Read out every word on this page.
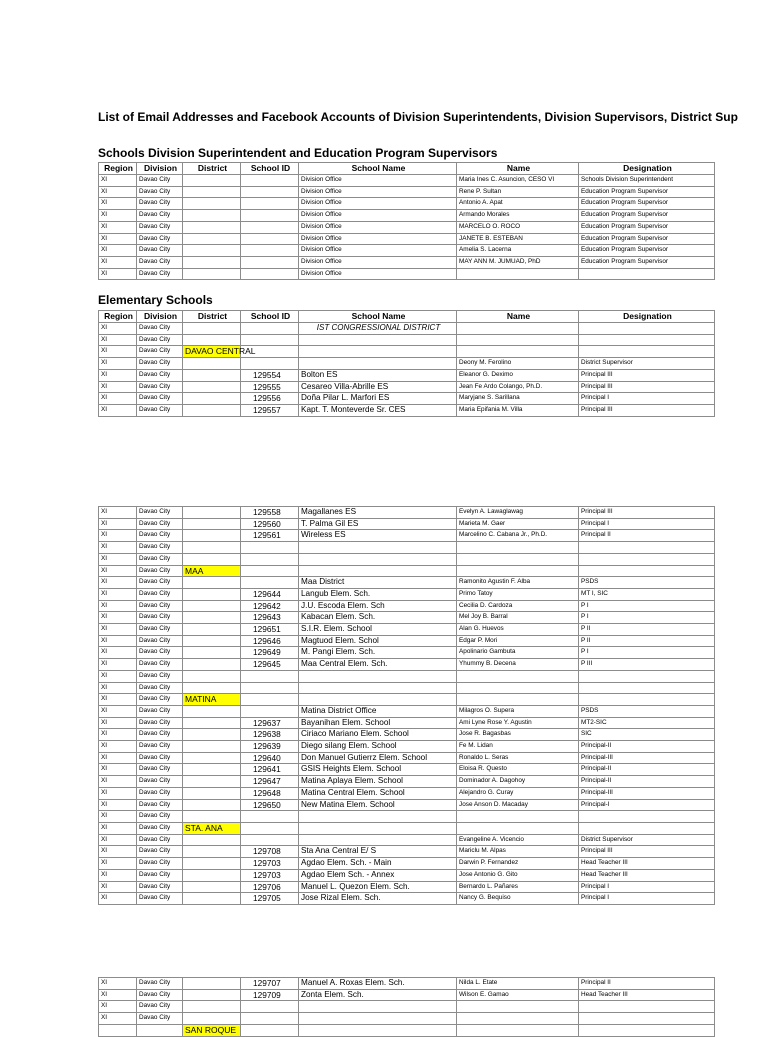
List of Email Addresses and Facebook Accounts of Division Superintendents, Division Supervisors, District Sup
Schools Division Superintendent and Education Program Supervisors
Region	Division	District	School ID	School Name	Name	Designation
XI	Davao City			Division Office	Maria Ines C. Asuncion, CESO VI	Schools Division Superintendent
XI	Davao City			Division Office	Rene P. Sultan	Education Program Supervisor
XI	Davao City			Division Office	Antonio A. Apat	Education Program Supervisor
XI	Davao City			Division Office	Armando Morales	Education Program Supervisor
XI	Davao City			Division Office	MARCELO O. ROCO	Education Program Supervisor
XI	Davao City			Division Office	JANETE B. ESTEBAN	Education Program Supervisor
XI	Davao City			Division Office	Amelia S. Lacerna	Education Program Supervisor
XI	Davao City			Division Office	MAY ANN M. JUMUAD, PhD	Education Program Supervisor
XI	Davao City			Division Office		
Elementary Schools
Region	Division	District	School ID	School Name	Name	Designation
XI	Davao City			IST CONGRESSIONAL DISTRICT		
XI	Davao City					
XI	Davao City	DAVAO CENTRAL				
XI	Davao City				Deony M. Ferolino	District Supervisor
XI	Davao City		129554	Bolton ES	Eleanor G. Deximo	Principal III
XI	Davao City		129555	Cesareo Villa-Abrille ES	Jean Fe Ardo Colango, Ph.D.	Principal III
XI	Davao City		129556	Doña Pilar L. Marfori ES	Maryjane S. Sarillana	Principal I
XI	Davao City		129557	Kapt. T. Monteverde Sr. CES	Maria Epifania M. Villa	Principal III
XI	Davao City		129558	Magallanes ES	Evelyn A. Lawaglawag	Principal III
XI	Davao City		129560	T. Palma Gil ES	Marieta M. Gaer	Principal I
XI	Davao City		129561	Wireless ES	Marcelino C. Cabana Jr., Ph.D.	Principal II
XI	Davao City					
XI	Davao City					
XI	Davao City	MAA				
XI	Davao City			Maa District	Ramonito Agustin F. Alba	PSDS
XI	Davao City		129644	Langub Elem. Sch.	Primo Tatoy	MT I, SIC
XI	Davao City		129642	J.U. Escoda Elem. Sch	Cecilia D. Cardoza	P I
XI	Davao City		129643	Kabacan Elem. Sch.	Mel Joy B. Barral	P I
XI	Davao City		129651	S.I.R. Elem. School	Alan G. Huevos	P II
XI	Davao City		129646	Magtuod Elem. Schol	Edgar P. Mori	P II
XI	Davao City		129649	M. Pangi Elem. Sch.	Apolinario Gambuta	P I
XI	Davao City		129645	Maa Central Elem. Sch.	Yhummy B. Decena	P III
XI	Davao City					
XI	Davao City					
XI	Davao City	MATINA				
XI	Davao City			Matina District Office	Milagros O. Supera	PSDS
XI	Davao City		129637	Bayanihan Elem. School	Ami Lyne Rose Y. Agustin	MT2-SIC
XI	Davao City		129638	Ciriaco Mariano Elem. School	Jose R. Bagasbas	SIC
XI	Davao City		129639	Diego silang Elem. School	Fe M. Lidan	Principal-II
XI	Davao City		129640	Don Manuel Gutierrz Elem. School	Ronaldo L. Seras	Principal-III
XI	Davao City		129641	GSIS Heights Elem. School	Eloisa R. Questo	Principal-II
XI	Davao City		129647	Matina Aplaya Elem. School	Dominador A. Dagohoy	Principal-II
XI	Davao City		129648	Matina Central Elem. School	Alejandro G. Curay	Principal-III
XI	Davao City		129650	New Matina Elem. School	Jose Anson D. Macaday	Principal-I
XI	Davao City					
XI	Davao City	STA. ANA				
XI	Davao City				Evangeline A. Vicencio	District Supervisor
XI	Davao City		129708	Sta Ana Central E/ S	Mariclu M. Alpas	Principal III
XI	Davao City		129703	Agdao Elem. Sch. - Main	Darwin P. Fernandez	Head Teacher III
XI	Davao City		129703	Agdao Elem Sch. - Annex	Jose Antonio G. Gito	Head Teacher III
XI	Davao City		129706	Manuel L. Quezon Elem. Sch.	Bernardo L. Pañares	Principal I
XI	Davao City		129705	Jose Rizal Elem. Sch.	Nancy G. Bequiso	Principal I
XI	Davao City		129707	Manuel A. Roxas Elem. Sch.	Nilda L. Etate	Principal II
XI	Davao City		129709	Zonta Elem. Sch.	Wilson E. Gamao	Head Teacher III
XI	Davao City					
XI	Davao City					
		SAN ROQUE				
